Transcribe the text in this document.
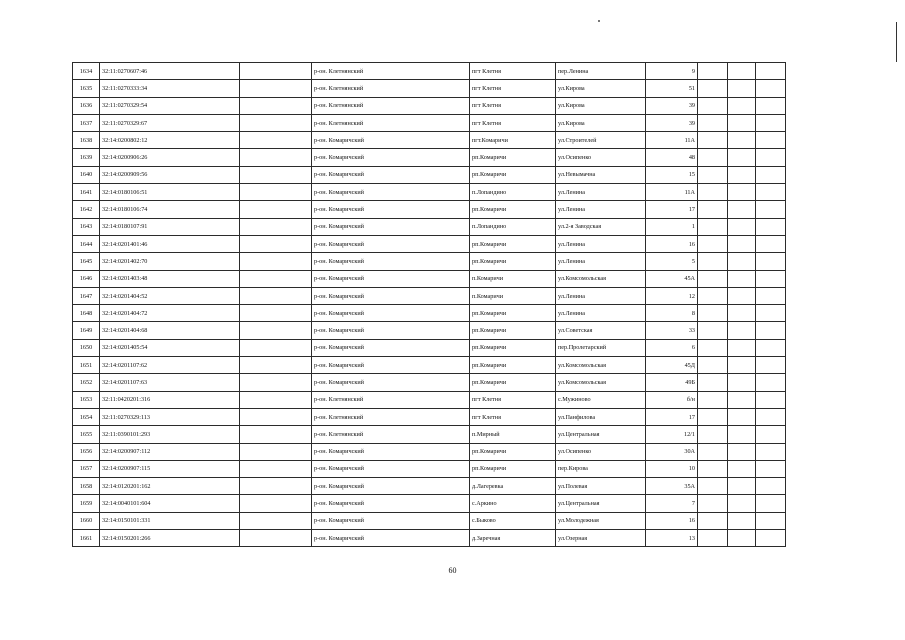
1634	32:11:0270607:46		р-он. Клетнянский	пгт Клетня	пер.Ленина	9			
1635	32:11:0270333:34		р-он. Клетнянский	пгт Клетня	ул.Кирова	51			
1636	32:11:0270329:54		р-он. Клетнянский	пгт Клетня	ул.Кирова	39			
1637	32:11:0270329:67		р-он. Клетнянский	пгт Клетня	ул.Кирова	39			
1638	32:14:0200802:12		р-он. Комаричский	пгт.Комаричи	ул.Строителей	11А			
1639	32:14:0200906:26		р-он. Комаричский	рп.Комаричи	ул.Осипенко	48			
1640	32:14:0200909:56		р-он. Комаричский	рп.Комаричи	ул.Невымачна	15			
1641	32:14:0180106:51		р-он. Комаричский	п.Лопандино	ул.Ленина	11А			
1642	32:14:0180106:74		р-он. Комаричский	рп.Комаричи	ул.Ленина	17			
1643	32:14:0180107:91		р-он. Комаричский	п.Лопандино	ул.2-я Заводская	1			
1644	32:14:0201401:46		р-он. Комаричский	рп.Комаричи	ул.Ленина	16			
1645	32:14:0201402:70		р-он. Комаричский	рп.Комаричи	ул.Ленина	5			
1646	32:14:0201403:48		р-он. Комаричский	п.Комаричи	ул.Комсомольская	45А			
1647	32:14:0201404:52		р-он. Комаричский	п.Комаричи	ул.Ленина	12			
1648	32:14:0201404:72		р-он. Комаричский	рп.Комаричи	ул.Ленина	8			
1649	32:14:0201404:68		р-он. Комаричский	рп.Комаричи	ул.Советская	33			
1650	32:14:0201405:54		р-он. Комаричский	рп.Комаричи	пер.Пролетарский	6			
1651	32:14:0201107:62		р-он. Комаричский	рп.Комаричи	ул.Комсомольская	45Д			
1652	32:14:0201107:63		р-он. Комаричский	рп.Комаричи	ул.Комсомольская	49Б			
1653	32:11:0420201:316		р-он. Клетнянский	пгт Клетня	с.Мужиново	б/н			
1654	32:11:0270329:113		р-он. Клетнянский	пгт Клетня	ул.Панфилова	17			
1655	32:11:0390101:293		р-он. Клетнянский	п.Мирный	ул.Центральная	12/1			
1656	32:14:0200907:112		р-он. Комаричский	рп.Комаричи	ул.Осипенко	30А			
1657	32:14:0200907:115		р-он. Комаричский	рп.Комаричи	пер.Кирова	10			
1658	32:14:0120201:162		р-он. Комаричский	д.Лагеревка	ул.Полевая	35А			
1659	32:14:0040101:604		р-он. Комаричский	с.Аркино	ул.Центральная	7			
1660	32:14:0150101:331		р-он. Комаричский	с.Быково	ул.Молодежная	16			
1661	32:14:0150201:266		р-он. Комаричский	д.Заречная	ул.Озерная	13			
60
